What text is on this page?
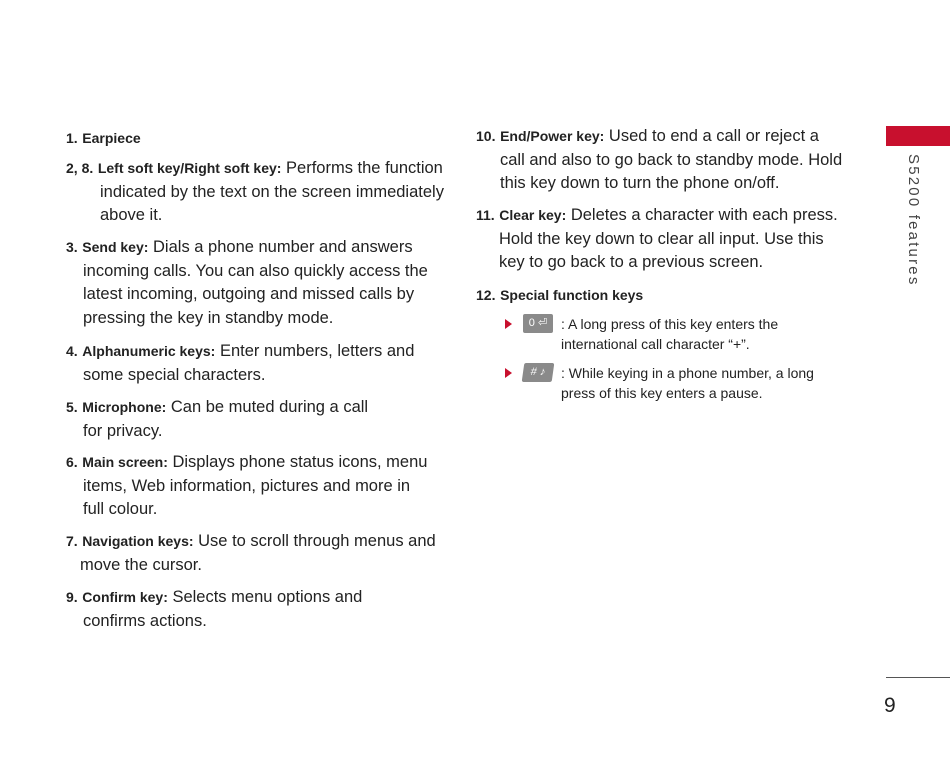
1. Earpiece
2, 8. Left soft key/Right soft key: Performs the function indicated by the text on the screen immediately above it.
3. Send key: Dials a phone number and answers incoming calls. You can also quickly access the latest incoming, outgoing and missed calls by pressing the key in standby mode.
4. Alphanumeric keys: Enter numbers, letters and some special characters.
5. Microphone: Can be muted during a call for privacy.
6. Main screen: Displays phone status icons, menu items, Web information, pictures and more in full colour.
7. Navigation keys: Use to scroll through menus and move the cursor.
9. Confirm key: Selects menu options and confirms actions.
10. End/Power key: Used to end a call or reject a call and also to go back to standby mode. Hold this key down to turn the phone on/off.
11. Clear key: Deletes a character with each press. Hold the key down to clear all input. Use this key to go back to a previous screen.
12. Special function keys
0 ⏎ : A long press of this key enters the international call character “+”.
# ♪	: While keying in a phone number, a long press of this key enters a pause.
S5200 features
9
